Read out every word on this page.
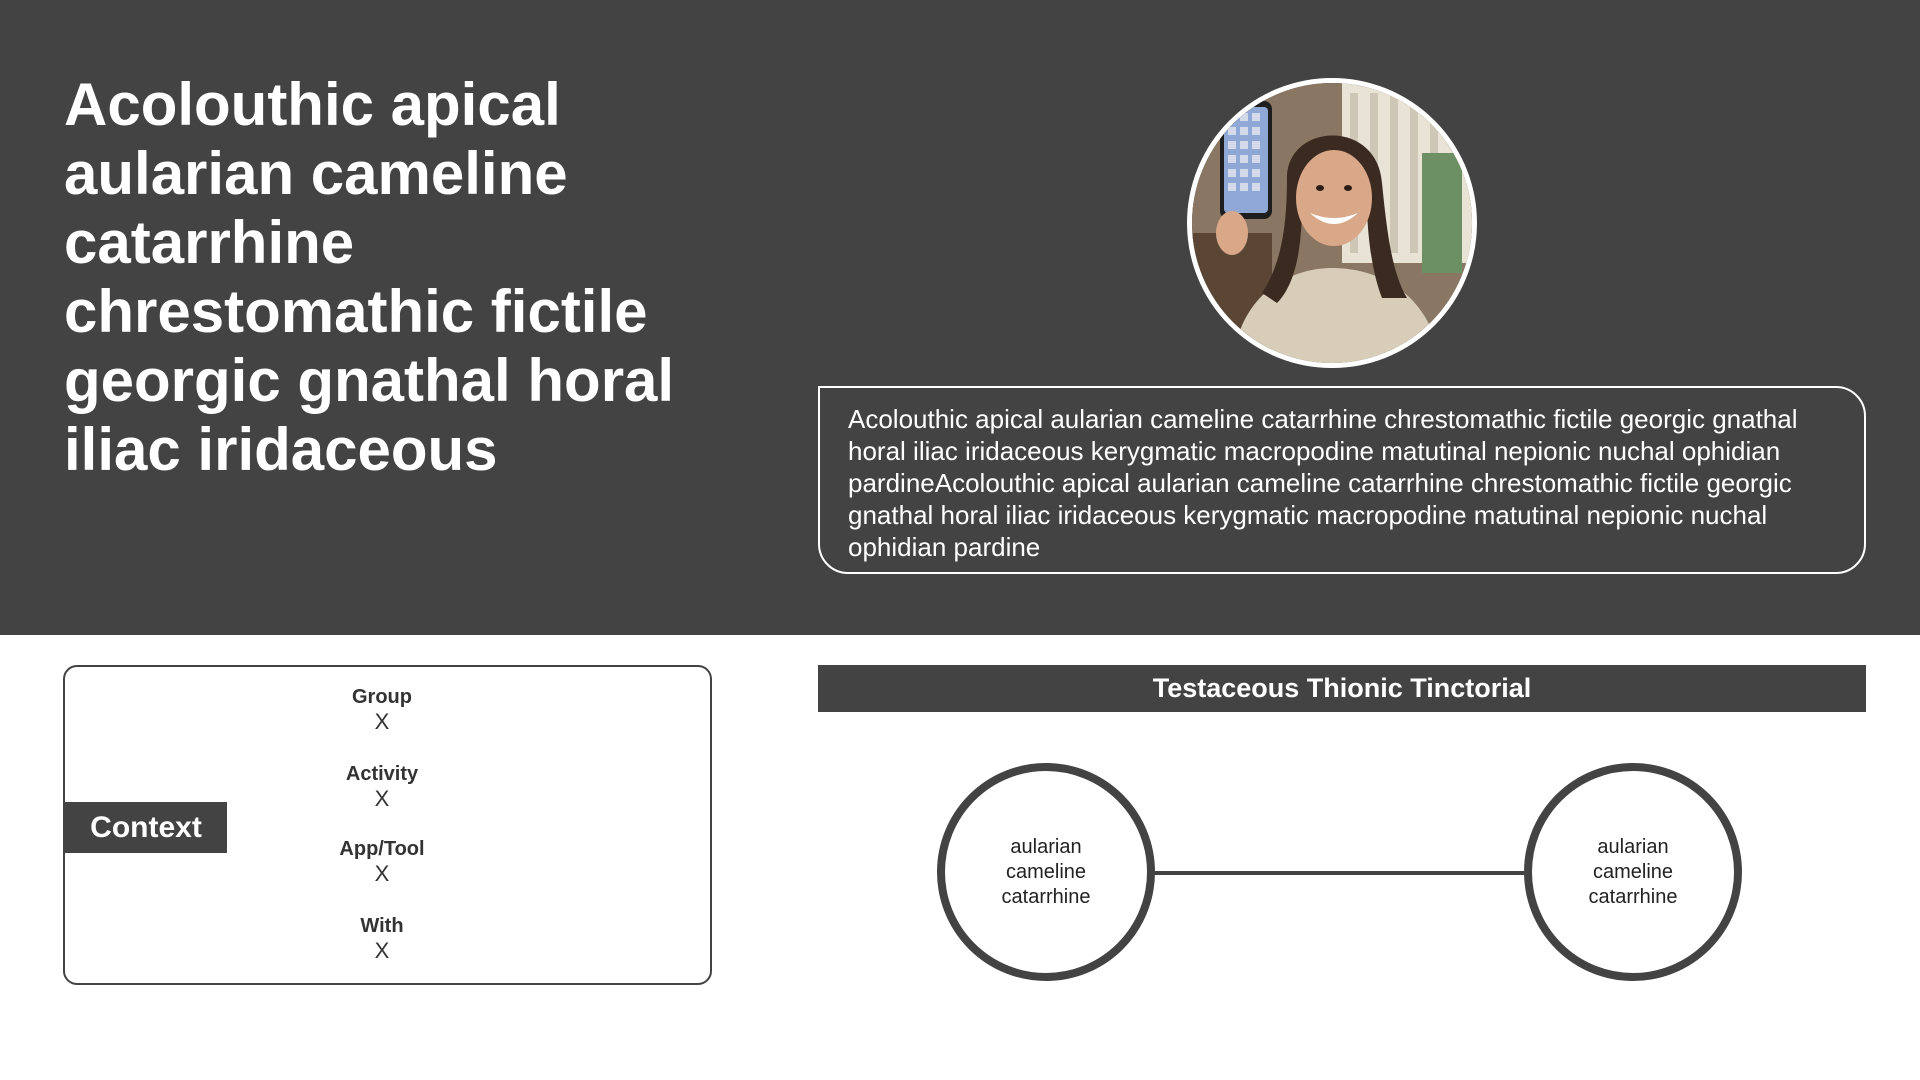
Acolouthic apical aularian cameline catarrhine chrestomathic fictile georgic gnathal horal iliac iridaceous	Acolouthic apical aularian cameline catarrhine chrestomathic fictile georgic gnathal horal iliac iridaceous kerygmatic macropodine matutinal nepionic nuchal ophidian pardineAcolouthic apical aularian cameline catarrhine chrestomathic fictile georgic gnathal horal iliac iridaceous kerygmatic macropodine matutinal nepionic nuchal ophidian pardine
Context
Group
X
Activity
X
App/Tool
X
With
X
Testaceous Thionic Tinctorial
aularian cameline catarrhine
aularian cameline catarrhine
